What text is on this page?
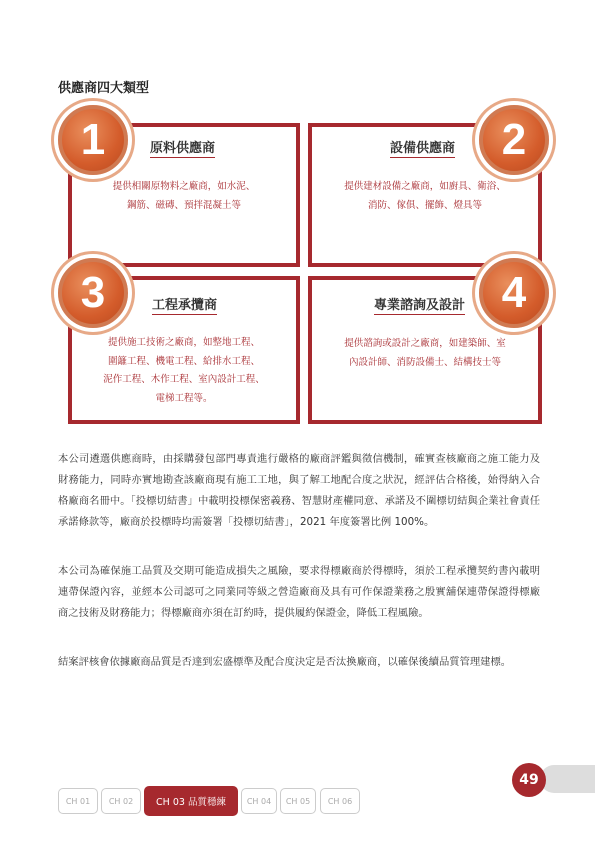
供應商四大類型
原料供應商
提供相關原物料之廠商，如水泥、
鋼筋、磁磚、預拌混凝土等
1	設備供應商
提供建材設備之廠商，如廚具、衛浴、
消防、傢俱、擺飾、燈具等
2
工程承攬商
提供施工技術之廠商，如整地工程、
圍籬工程、機電工程、給排水工程、
泥作工程、木作工程、室內設計工程、
電梯工程等。
3	專業諮詢及設計
提供諮詢或設計之廠商，如建築師、室
內設計師、消防設備士、結構技士等
4

本公司遴選供應商時，由採購發包部門專責進行嚴格的廠商評鑑與徵信機制，確實查核廠商之施工能力及財務能力，同時亦實地勘查該廠商現有施工工地，與了解工地配合度之狀況，經評估合格後，始得納入合格廠商名冊中。「投標切結書」中載明投標保密義務、智慧財產權同意、承諾及不圍標切結與企業社會責任承諾條款等，廠商於投標時均需簽署「投標切結書」，2021 年度簽署比例 100%。

本公司為確保施工品質及交期可能造成損失之風險，要求得標廠商於得標時，須於工程承攬契約書內載明連帶保證內容，並經本公司認可之同業同等級之營造廠商及具有可作保證業務之殷實舖保連帶保證得標廠商之技術及財務能力；得標廠商亦須在訂約時，提供履約保證金，降低工程風險。

結案評核會依據廠商品質是否達到宏盛標準及配合度決定是否汰換廠商，以確保後續品質管理建標。

49
CH 01	CH 02	CH 03 品質穩練	CH 04	CH 05	CH 06
